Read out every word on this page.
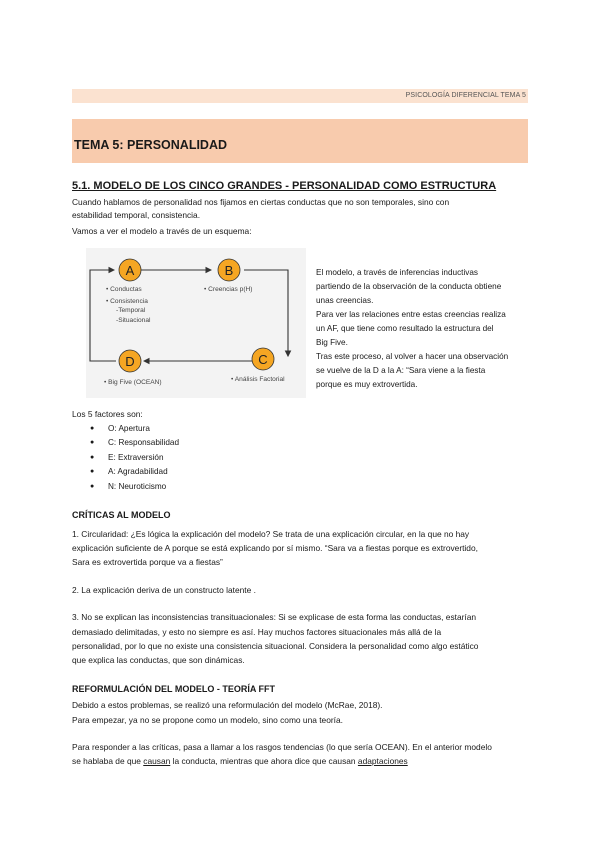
PSICOLOGÍA DIFERENCIAL TEMA 5
TEMA 5: PERSONALIDAD
5.1. MODELO DE LOS CINCO GRANDES - PERSONALIDAD COMO ESTRUCTURA

Cuando hablamos de personalidad nos fijamos en ciertas conductas que no son temporales, sino con

estabilidad temporal, consistencia.

Vamos a ver el modelo a través de un esquema:

A	B
C
D

• Conductas

• Consistencia

-Temporal

-Situacional

• Creencias p(H)

• Análisis Factorial

• Big Five (OCEAN)

El modelo, a través de inferencias inductivas
partiendo de la observación de la conducta obtiene
unas creencias.
Para ver las relaciones entre estas creencias realiza
un AF, que tiene como resultado la estructura del
Big Five.
Tras este proceso, al volver a hacer una observación
se vuelve de la D a la A: “Sara viene a la fiesta
porque es muy extrovertida.

Los 5 factores son:

● O: Apertura
● C: Responsabilidad
● E: Extraversión
● A: Agradabilidad
● N: Neuroticismo
CRÍTICAS AL MODELO

1. Circularidad: ¿Es lógica la explicación del modelo? Se trata de una explicación circular, en la que no hay

explicación suficiente de A porque se está explicando por sí mismo. “Sara va a fiestas porque es extrovertido,

Sara es extrovertida porque va a fiestas”

2. La explicación deriva de un constructo latente .

3. No se explican las inconsistencias transituacionales: Si se explicase de esta forma las conductas, estarían

demasiado delimitadas, y esto no siempre es así. Hay muchos factores situacionales más allá de la

personalidad, por lo que no existe una consistencia situacional. Considera la personalidad como algo estático

que explica las conductas, que son dinámicas.

REFORMULACIÓN DEL MODELO - TEORÍA FFT

Debido a estos problemas, se realizó una reformulación del modelo (McRae, 2018).

Para empezar, ya no se propone como un modelo, sino como una teoría.

Para responder a las críticas, pasa a llamar a los rasgos tendencias (lo que sería OCEAN). En el anterior modelo

se hablaba de que causan la conducta, mientras que ahora dice que causan adaptaciones
